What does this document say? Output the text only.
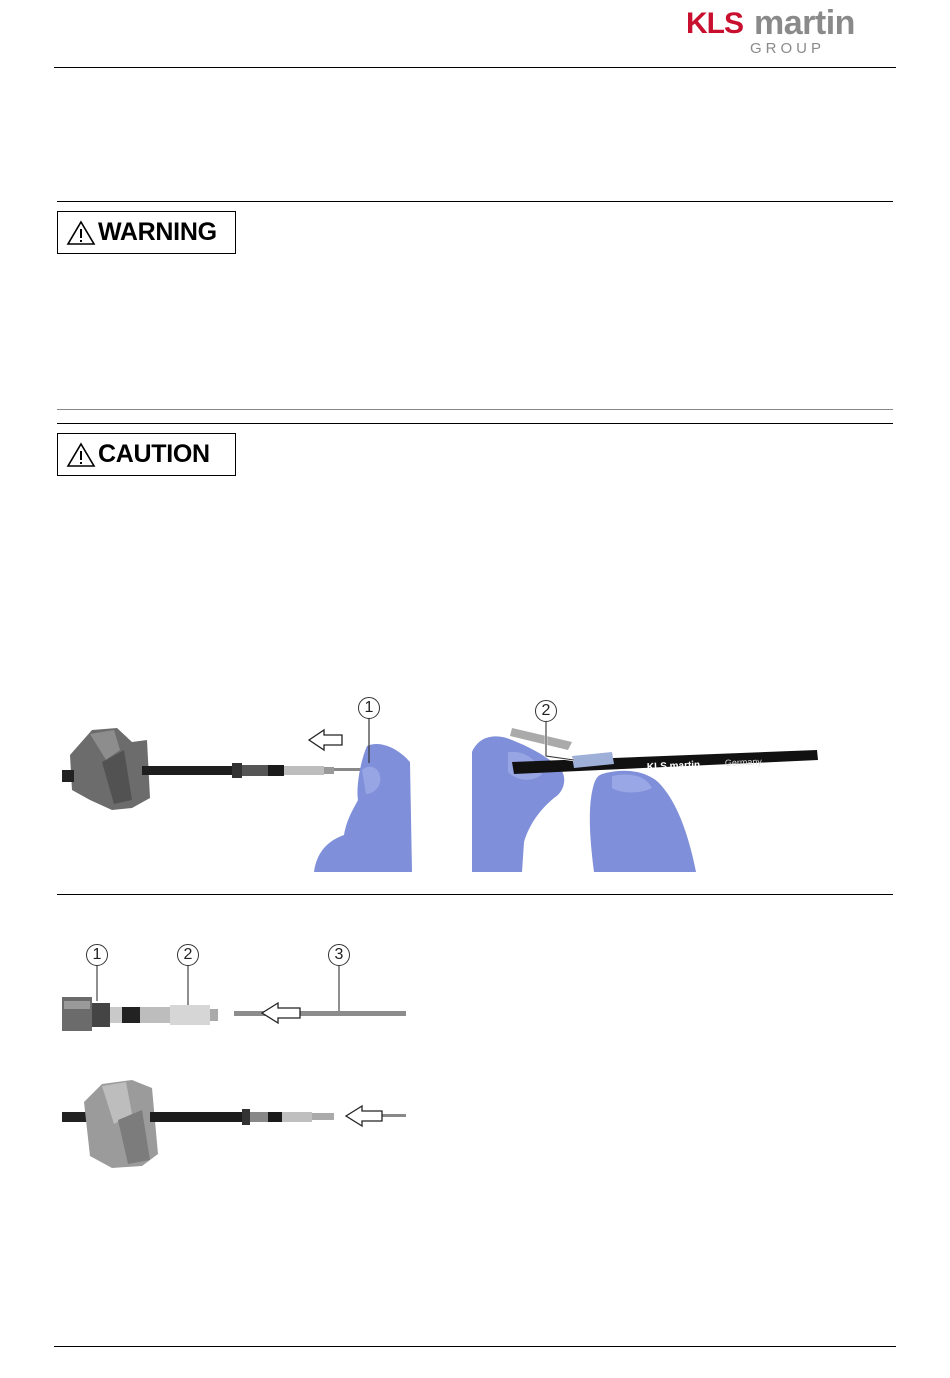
KLS martin
GROUP
WARNING
CAUTION
1
KLS martin	Germany
2
1	2	3
